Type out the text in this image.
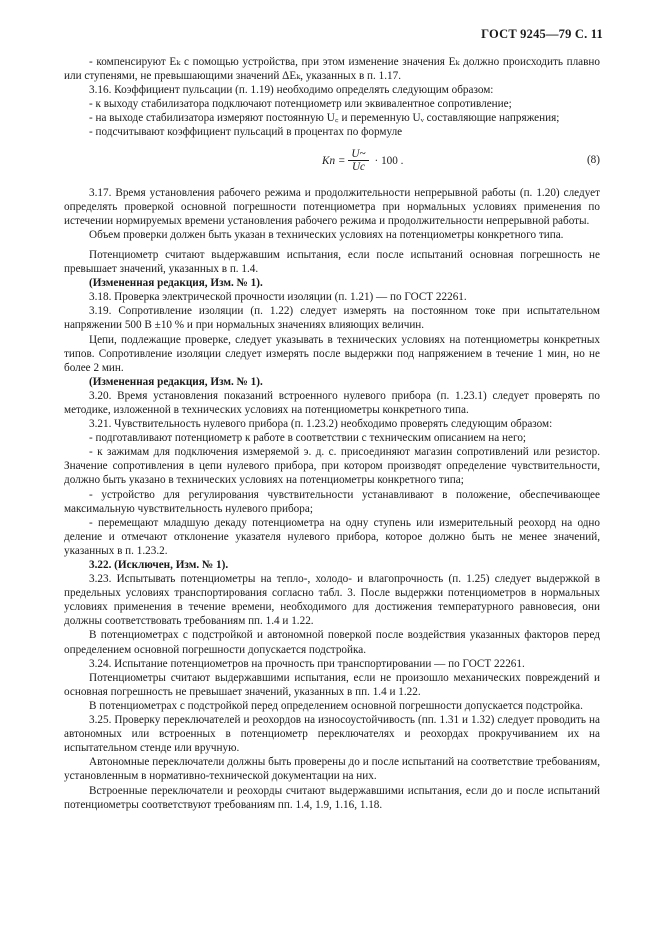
ГОСТ 9245—79 С. 11

- компенсируют Eₖ с помощью устройства, при этом изменение значения Eₖ должно происходить плавно или ступенями, не превышающими значений ΔEₖ, указанных в п. 1.17.

3.16. Коэффициент пульсации (п. 1.19) необходимо определять следующим образом:

- к выходу стабилизатора подключают потенциометр или эквивалентное сопротивление;

- на выходе стабилизатора измеряют постоянную U꜀ и переменную Uᵥ составляющие напряжения;

- подсчитывают коэффициент пульсаций в процентах по формуле

Kп = $\frac{U\sim}{Uc} \cdot 100$ .	(8)

3.17. Время установления рабочего режима и продолжительности непрерывной работы (п. 1.20) следует определять проверкой основной погрешности потенциометра при нормальных условиях применения по истечении нормируемых времени установления рабочего режима и продолжительности непрерывной работы.

Объем проверки должен быть указан в технических условиях на потенциометры конкретного типа.

Потенциометр считают выдержавшим испытания, если после испытаний основная погрешность не превышает значений, указанных в п. 1.4.

(Измененная редакция, Изм. № 1).

3.18. Проверка электрической прочности изоляции (п. 1.21) — по ГОСТ 22261.

3.19. Сопротивление изоляции (п. 1.22) следует измерять на постоянном токе при испытательном напряжении 500 В ±10 % и при нормальных значениях влияющих величин.

Цепи, подлежащие проверке, следует указывать в технических условиях на потенциометры конкретных типов. Сопротивление изоляции следует измерять после выдержки под напряжением в течение 1 мин, но не более 2 мин.

(Измененная редакция, Изм. № 1).

3.20. Время установления показаний встроенного нулевого прибора (п. 1.23.1) следует проверять по методике, изложенной в технических условиях на потенциометры конкретного типа.

3.21. Чувствительность нулевого прибора (п. 1.23.2) необходимо проверять следующим образом:

- подготавливают потенциометр к работе в соответствии с техническим описанием на него;

- к зажимам для подключения измеряемой э. д. с. присоединяют магазин сопротивлений или резистор. Значение сопротивления в цепи нулевого прибора, при котором производят определение чувствительности, должно быть указано в технических условиях на потенциометры конкретного типа;

- устройство для регулирования чувствительности устанавливают в положение, обеспечивающее максимальную чувствительность нулевого прибора;

- перемещают младшую декаду потенциометра на одну ступень или измерительный реохорд на одно деление и отмечают отклонение указателя нулевого прибора, которое должно быть не менее значений, указанных в п. 1.23.2.

3.22. (Исключен, Изм. № 1).

3.23. Испытывать потенциометры на тепло-, холодо- и влагопрочность (п. 1.25) следует выдержкой в предельных условиях транспортирования согласно табл. 3. После выдержки потенциометров в нормальных условиях применения в течение времени, необходимого для достижения температурного равновесия, они должны соответствовать требованиям пп. 1.4 и 1.22.

В потенциометрах с подстройкой и автономной поверкой после воздействия указанных факторов перед определением основной погрешности допускается подстройка.

3.24. Испытание потенциометров на прочность при транспортировании — по ГОСТ 22261.

Потенциометры считают выдержавшими испытания, если не произошло механических повреждений и основная погрешность не превышает значений, указанных в пп. 1.4 и 1.22.

В потенциометрах с подстройкой перед определением основной погрешности допускается подстройка.

3.25. Проверку переключателей и реохордов на износоустойчивость (пп. 1.31 и 1.32) следует проводить на автономных или встроенных в потенциометр переключателях и реохордах прокручиванием их на испытательном стенде или вручную.

Автономные переключатели должны быть проверены до и после испытаний на соответствие требованиям, установленным в нормативно-технической документации на них.

Встроенные переключатели и реохорды считают выдержавшими испытания, если до и после испытаний потенциометры соответствуют требованиям пп. 1.4, 1.9, 1.16, 1.18.
